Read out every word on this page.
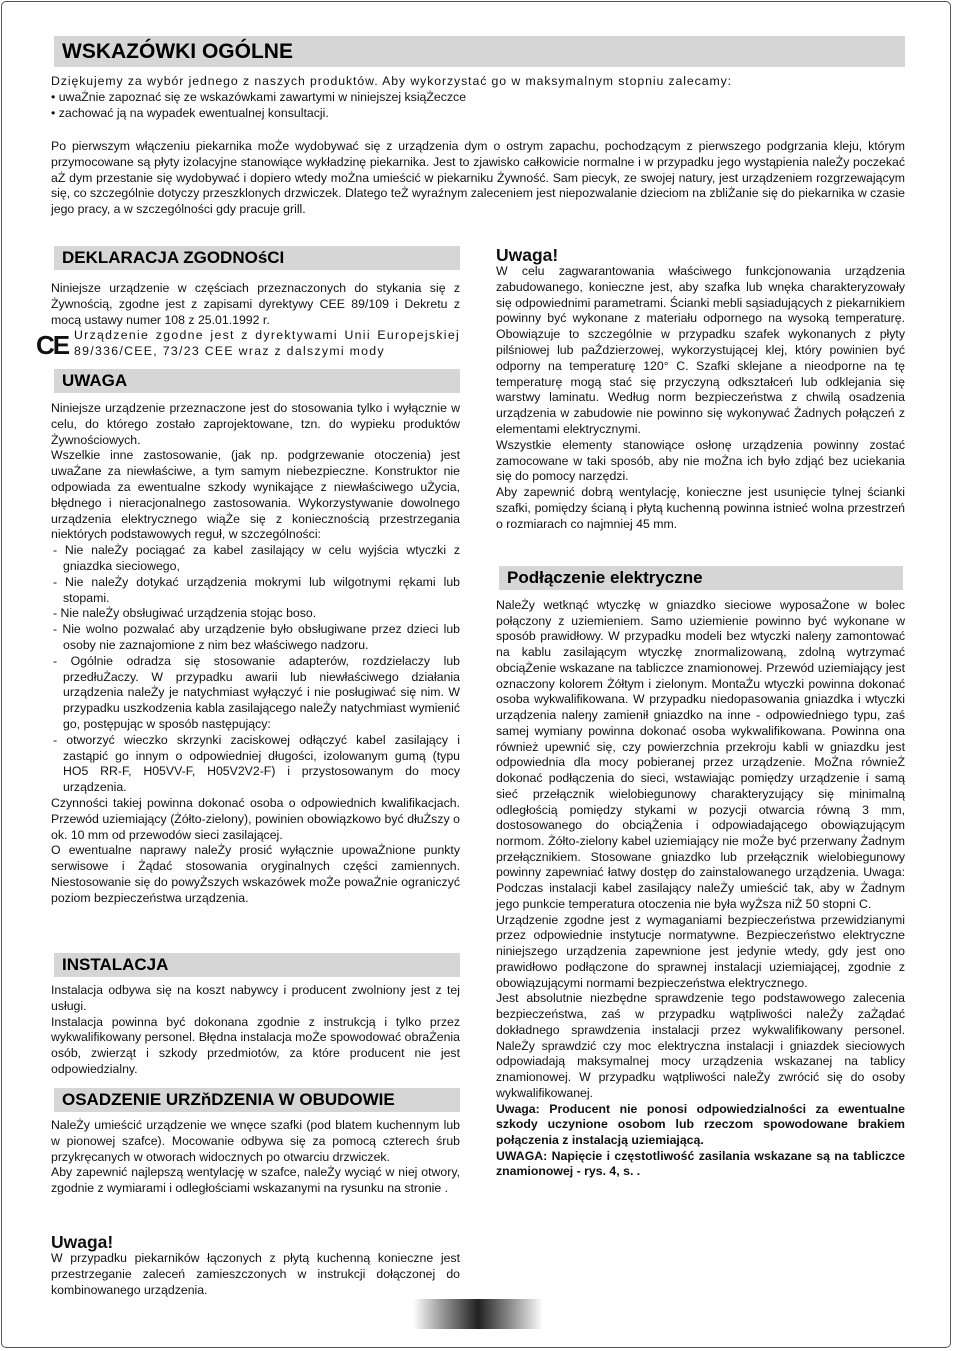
WSKAZÓWKI OGÓLNE

Dziękujemy za wybór jednego z naszych produktów. Aby wykorzystać go w maksymalnym stopniu zalecamy:

• uwaŻnie zapoznać się ze wskazówkami zawartymi w niniejszej ksiąŻeczce

• zachować ją na wypadek ewentualnej konsultacji.

Po pierwszym włączeniu piekarnika moŻe wydobywać się z urządzenia dym o ostrym zapachu, pochodzącym z pierwszego podgrzania kleju, którym przymocowane są płyty izolacyjne stanowiące wykładzinę piekarnika. Jest to zjawisko całkowicie normalne i w przypadku jego wystąpienia naleŻy poczekać aŻ dym przestanie się wydobywać i dopiero wtedy moŻna umieścić w piekarniku Żywność. Sam piecyk, ze swojej natury, jest urządzeniem rozgrzewającym się, co szczególnie dotyczy przeszklonych drzwiczek. Dlatego teŻ wyraźnym zaleceniem jest niepozwalanie dzieciom na zbliŻanie się do piekarnika w czasie jego pracy, a w szczególności gdy pracuje grill.
DEKLARACJA ZGODNOśCI
Niniejsze urządzenie w częściach przeznaczonych do stykania się z Żywnością, zgodne jest z zapisami dyrektywy CEE 89/109 i Dekretu z mocą ustawy numer 108 z 25.01.1992 r.
CE Urządzenie zgodne jest z dyrektywami Unii Europejskiej 89/336/CEE, 73/23 CEE wraz z dalszymi mody
UWAGA

Niniejsze urządzenie przeznaczone jest do stosowania tylko i wyłącznie w celu, do którego zostało zaprojektowane, tzn. do wypieku produktów Żywnościowych.

Wszelkie inne zastosowanie, (jak np. podgrzewanie otoczenia) jest uwaŻane za niewłaściwe, a tym samym niebezpieczne. Konstruktor nie odpowiada za ewentualne szkody wynikające z niewłaściwego uŻycia, błędnego i nieracjonalnego zastosowania. Wykorzystywanie dowolnego urządzenia elektrycznego wiąŻe się z koniecznością przestrzegania niektórych podstawowych reguł, w szczególności:

- Nie naleŻy pociągać za kabel zasilający w celu wyjścia wtyczki z gniazdka sieciowego,

- Nie naleŻy dotykać urządzenia mokrymi lub wilgotnymi rękami lub stopami.

- Nie naleŻy obsługiwać urządzenia stojąc boso.

- Nie wolno pozwalać aby urządzenie było obsługiwane przez dzieci lub osoby nie zaznajomione z nim bez właściwego nadzoru.

- Ogólnie odradza się stosowanie adapterów, rozdzielaczy lub przedłuŻaczy. W przypadku awarii lub niewłaściwego działania urządzenia naleŻy je natychmiast wyłączyć i nie posługiwać się nim. W przypadku uszkodzenia kabla zasilającego naleŻy natychmiast wymienić go, postępując w sposób następujący:

- otworzyć wieczko skrzynki zaciskowej odłączyć kabel zasilający i zastąpić go innym o odpowiedniej długości, izolowanym gumą (typu HO5 RR-F, H05VV-F, H05V2V2-F) i przystosowanym do mocy urządzenia.

Czynności takiej powinna dokonać osoba o odpowiednich kwalifikacjach. Przewód uziemiający (Żółto-zielony), powinien obowiązkowo być dłuŻszy o ok. 10 mm od przewodów sieci zasilającej.

O ewentualne naprawy naleŻy prosić wyłącznie upowaŻnione punkty serwisowe i Żądać stosowania oryginalnych części zamiennych. Niestosowanie się do powyŻszych wskazówek moŻe powaŻnie ograniczyć poziom bezpieczeństwa urządzenia.

INSTALACJA

Instalacja odbywa się na koszt nabywcy i producent zwolniony jest z tej usługi.

Instalacja powinna być dokonana zgodnie z instrukcją i tylko przez wykwalifikowany personel. Błędna instalacja moŻe spowodować obraŻenia osób, zwierząt i szkody przedmiotów, za które producent nie jest odpowiedzialny.

OSADZENIE URZňDZENIA W OBUDOWIE

NaleŻy umieścić urządzenie we wnęce szafki (pod blatem kuchennym lub w pionowej szafce). Mocowanie odbywa się za pomocą czterech śrub przykręcanych w otworach widocznych po otwarciu drzwiczek.

Aby zapewnić najlepszą wentylację w szafce, naleŻy wyciąć w niej otwory, zgodnie z wymiarami i odległościami wskazanymi na rysunku na stronie .

Uwaga!
W przypadku piekarników łączonych z płytą kuchenną konieczne jest przestrzeganie zaleceń zamieszczonych w instrukcji dołączonej do kombinowanego urządzenia.
Uwaga!

W celu zagwarantowania właściwego funkcjonowania urządzenia zabudowanego, konieczne jest, aby szafka lub wnęka charakteryzowały się odpowiednimi parametrami. Ścianki mebli sąsiadujących z piekarnikiem powinny być wykonane z materiału odpornego na wysoką temperaturę. Obowiązuje to szczególnie w przypadku szafek wykonanych z płyty pilśniowej lub paŹdzierzowej, wykorzystującej klej, który powinien być odporny na temperaturę 120° C. Szafki sklejane a nieodporne na tę temperaturę mogą stać się przyczyną odkształceń lub odklejania się warstwy laminatu. Według norm bezpieczeństwa z chwilą osadzenia urządzenia w zabudowie nie powinno się wykonywać Żadnych połączeń z elementami elektrycznymi.

Wszystkie elementy stanowiące osłonę urządzenia powinny zostać zamocowane w taki sposób, aby nie moŻna ich było zdjąć bez uciekania się do pomocy narzędzi.

Aby zapewnić dobrą wentylację, konieczne jest usunięcie tylnej ścianki szafki, pomiędzy ścianą i płytą kuchenną powinna istnieć wolna przestrzeń o rozmiarach co najmniej 45 mm.

Podłączenie elektryczne

NaleŻy wetknąć wtyczkę w gniazdko sieciowe wyposaŻone w bolec połączony z uziemieniem. Samo uziemienie powinno być wykonane w sposób prawidłowy. W przypadku modeli bez wtyczki naleŋy zamontować na kablu zasilającym wtyczkę znormalizowaną, zdolną wytrzymać obciąŻenie wskazane na tabliczce znamionowej. Przewód uziemiający jest oznaczony kolorem Żółtym i zielonym. MontaŻu wtyczki powinna dokonać osoba wykwalifikowana. W przypadku niedopasowania gniazdka i wtyczki urządzenia naleŋy zamienił gniazdko na inne - odpowiedniego typu, zaś samej wymiany powinna dokonać osoba wykwalifikowana. Powinna ona również upewnić się, czy powierzchnia przekroju kabli w gniazdku jest odpowiednia dla mocy pobieranej przez urządzenie. MoŻna równieŻ dokonać podłączenia do sieci, wstawiając pomiędzy urządzenie i samą sieć przełącznik wielobiegunowy charakteryzujący się minimalną odległością pomiędzy stykami w pozycji otwarcia równą 3 mm, dostosowanego do obciąŻenia i odpowiadającego obowiązującym normom. Żółto-zielony kabel uziemiający nie moŻe być przerwany Żadnym przełącznikiem. Stosowane gniazdko lub przełącznik wielobiegunowy powinny zapewniać łatwy dostęp do zainstalowanego urządzenia. Uwaga: Podczas instalacji kabel zasilający naleŻy umieścić tak, aby w Żadnym jego punkcie temperatura otoczenia nie była wyŻsza niŻ 50 stopni C.

Urządzenie zgodne jest z wymaganiami bezpieczeństwa przewidzianymi przez odpowiednie instytucje normatywne. Bezpieczeństwo elektryczne niniejszego urządzenia zapewnione jest jedynie wtedy, gdy jest ono prawidłowo podłączone do sprawnej instalacji uziemiającej, zgodnie z obowiązującymi normami bezpieczeństwa elektrycznego.

Jest absolutnie niezbędne sprawdzenie tego podstawowego zalecenia bezpieczeństwa, zaś w przypadku wątpliwości naleŻy zaŻądać dokładnego sprawdzenia instalacji przez wykwalifikowany personel. NaleŻy sprawdzić czy moc elektryczna instalacji i gniazdek sieciowych odpowiadają maksymalnej mocy urządzenia wskazanej na tablicy znamionowej. W przypadku wątpliwości naleŻy zwrócić się do osoby wykwalifikowanej.

Uwaga: Producent nie ponosi odpowiedzialności za ewentualne szkody uczynione osobom lub rzeczom spowodowane brakiem połączenia z instalacją uziemiającą.

UWAGA: Napięcie i częstotliwość zasilania wskazane są na tabliczce znamionowej - rys. 4, s. .
